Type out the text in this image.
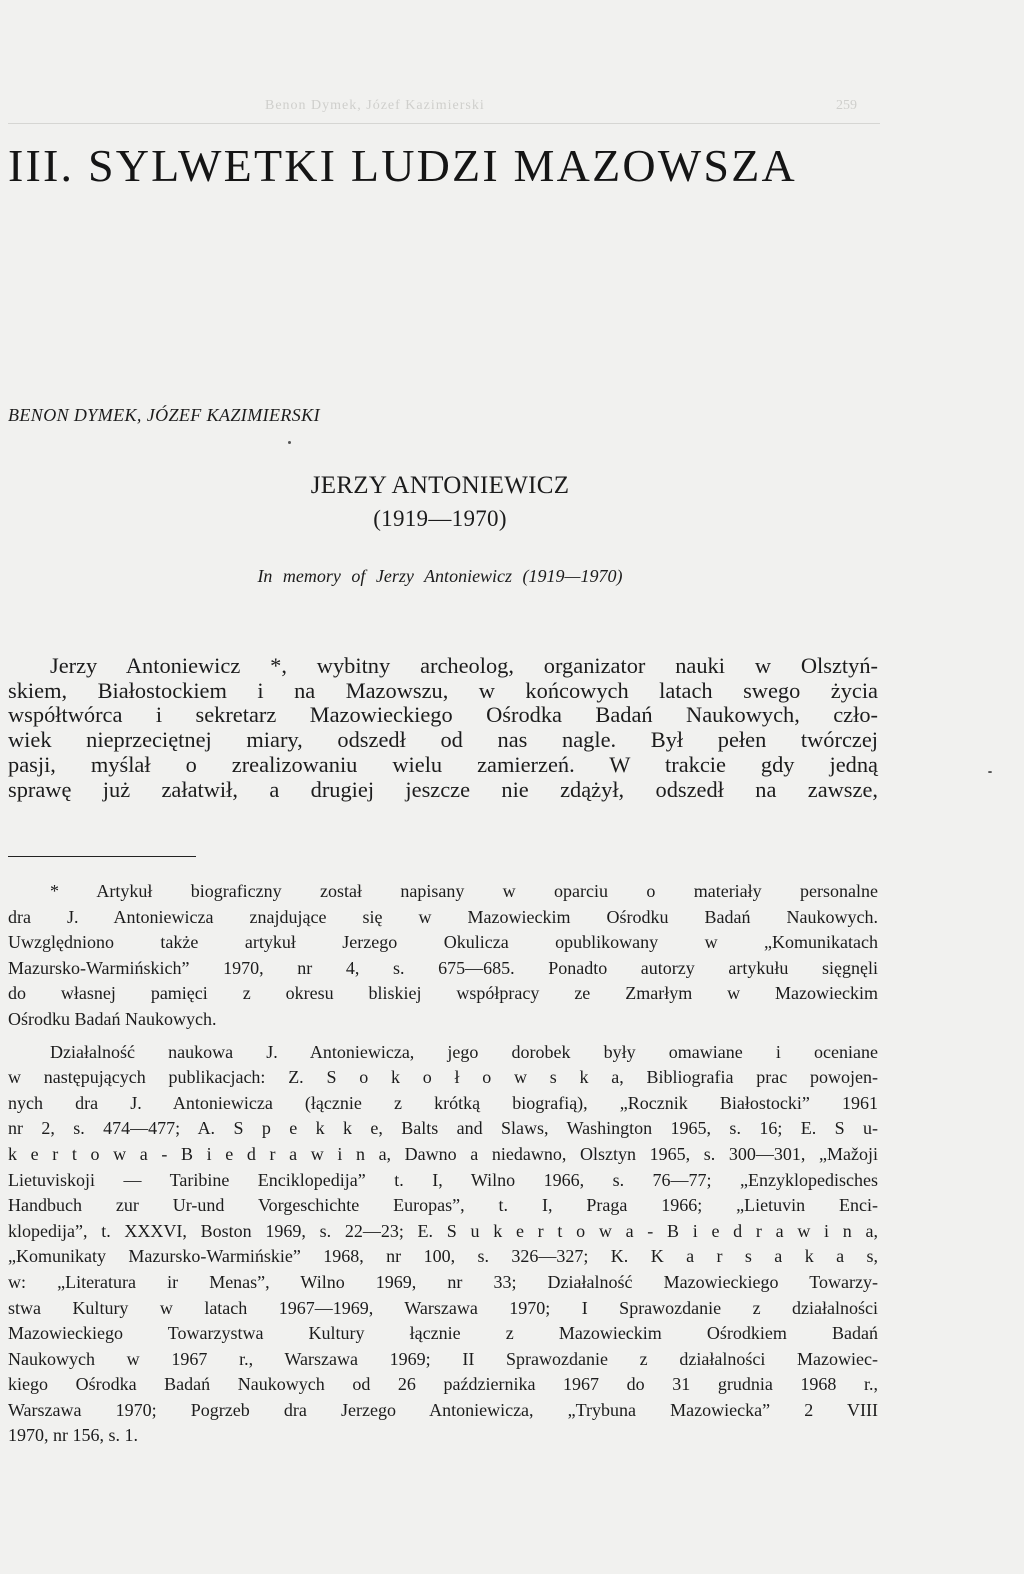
Benon Dymek, Józef Kazimierski	259
III. SYLWETKI LUDZI MAZOWSZA
BENON DYMEK, JÓZEF KAZIMIERSKI
JERZY ANTONIEWICZ
(1919—1970)
In memory of Jerzy Antoniewicz (1919—1970)
Jerzy Antoniewicz *, wybitny archeolog, organizator nauki w Olsztyń-
skiem, Białostockiem i na Mazowszu, w końcowych latach swego życia
współtwórca i sekretarz Mazowieckiego Ośrodka Badań Naukowych, czło-
wiek nieprzeciętnej miary, odszedł od nas nagle. Był pełen twórczej
pasji, myślał o zrealizowaniu wielu zamierzeń. W trakcie gdy jedną
sprawę już załatwił, a drugiej jeszcze nie zdążył, odszedł na zawsze,
* Artykuł biograficzny został napisany w oparciu o materiały personalne
dra J. Antoniewicza znajdujące się w Mazowieckim Ośrodku Badań Naukowych.
Uwzględniono także artykuł Jerzego Okulicza opublikowany w „Komunikatach
Mazursko-Warmińskich” 1970, nr 4, s. 675—685. Ponadto autorzy artykułu sięgnęli
do własnej pamięci z okresu bliskiej współpracy ze Zmarłym w Mazowieckim
Ośrodku Badań Naukowych.
Działalność naukowa J. Antoniewicza, jego dorobek były omawiane i oceniane
w następujących publikacjach: Z. S o k o ł o w s k a, Bibliografia prac powojen-
nych dra J. Antoniewicza (łącznie z krótką biografią), „Rocznik Białostocki” 1961
nr 2, s. 474—477; A. S p e k k e, Balts and Slaws, Washington 1965, s. 16; E. S u-
k e r t o w a - B i e d r a w i n a, Dawno a niedawno, Olsztyn 1965, s. 300—301, „Mažoji
Lietuviskoji — Taribine Enciklopedija” t. I, Wilno 1966, s. 76—77; „Enzyklopedisches
Handbuch zur Ur-und Vorgeschichte Europas”, t. I, Praga 1966; „Lietuvin Enci-
klopedija”, t. XXXVI, Boston 1969, s. 22—23; E. S u k e r t o w a - B i e d r a w i n a,
„Komunikaty Mazursko-Warmińskie” 1968, nr 100, s. 326—327; K. K a r s a k a s,
w: „Literatura ir Menas”, Wilno 1969, nr 33; Działalność Mazowieckiego Towarzy-
stwa Kultury w latach 1967—1969, Warszawa 1970; I Sprawozdanie z działalności
Mazowieckiego Towarzystwa Kultury łącznie z Mazowieckim Ośrodkiem Badań
Naukowych w 1967 r., Warszawa 1969; II Sprawozdanie z działalności Mazowiec-
kiego Ośrodka Badań Naukowych od 26 października 1967 do 31 grudnia 1968 r.,
Warszawa 1970; Pogrzeb dra Jerzego Antoniewicza, „Trybuna Mazowiecka” 2 VIII
1970, nr 156, s. 1.
